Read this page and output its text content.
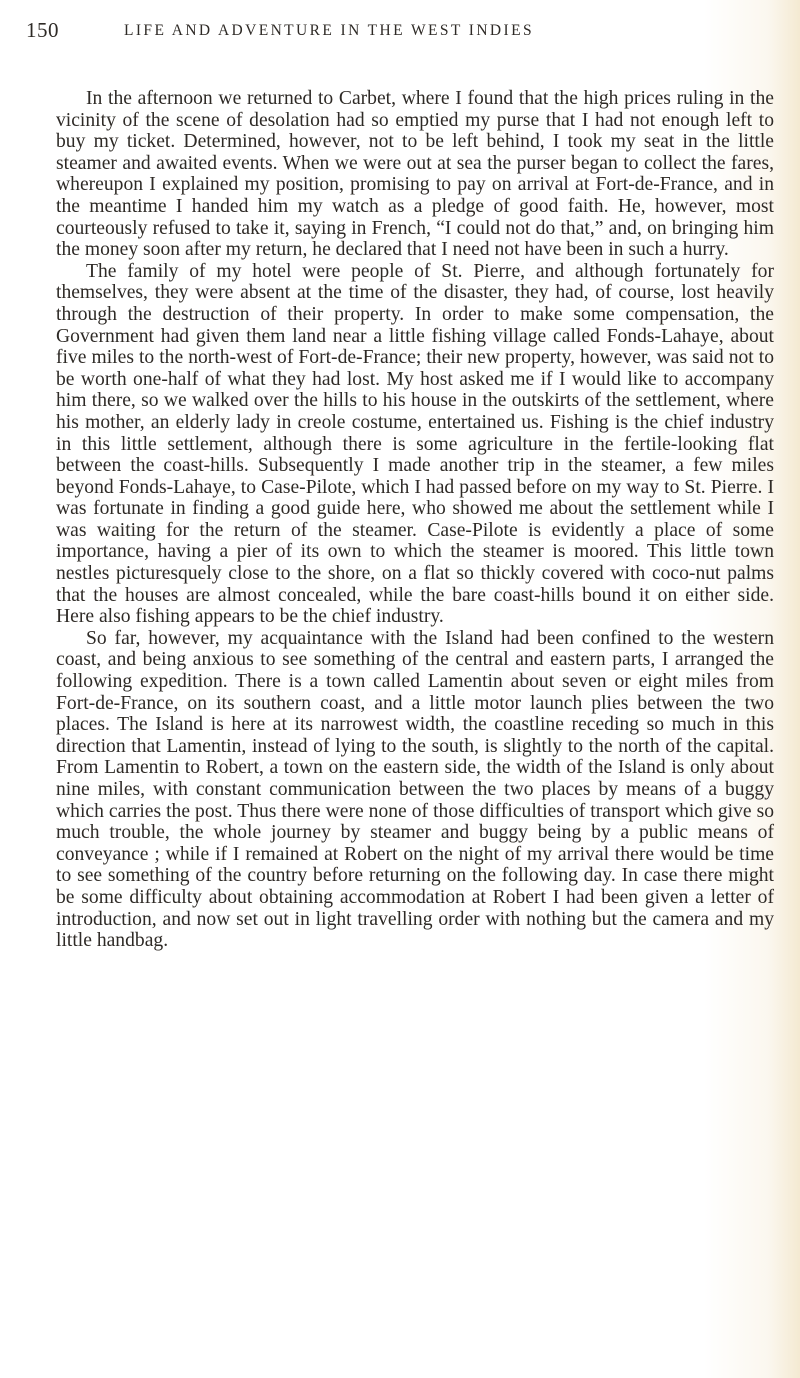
150	LIFE AND ADVENTURE IN THE WEST INDIES

In the afternoon we returned to Carbet, where I found that the high prices ruling in the vicinity of the scene of desolation had so emptied my purse that I had not enough left to buy my ticket. Determined, however, not to be left behind, I took my seat in the little steamer and awaited events. When we were out at sea the purser began to collect the fares, whereupon I explained my position, promising to pay on arrival at Fort-de-France, and in the meantime I handed him my watch as a pledge of good faith. He, however, most courteously refused to take it, saying in French, “I could not do that,” and, on bringing him the money soon after my return, he declared that I need not have been in such a hurry.

The family of my hotel were people of St. Pierre, and although fortunately for themselves, they were absent at the time of the disaster, they had, of course, lost heavily through the destruction of their property. In order to make some compensation, the Government had given them land near a little fishing village called Fonds-Lahaye, about five miles to the north-west of Fort-de-France; their new property, however, was said not to be worth one-half of what they had lost. My host asked me if I would like to accompany him there, so we walked over the hills to his house in the outskirts of the settlement, where his mother, an elderly lady in creole costume, entertained us. Fishing is the chief industry in this little settlement, although there is some agriculture in the fertile-looking flat between the coast-hills. Subsequently I made another trip in the steamer, a few miles beyond Fonds-Lahaye, to Case-Pilote, which I had passed before on my way to St. Pierre. I was fortunate in finding a good guide here, who showed me about the settlement while I was waiting for the return of the steamer. Case-Pilote is evidently a place of some importance, having a pier of its own to which the steamer is moored. This little town nestles picturesquely close to the shore, on a flat so thickly covered with coco-nut palms that the houses are almost concealed, while the bare coast-hills bound it on either side. Here also fishing appears to be the chief industry.

So far, however, my acquaintance with the Island had been confined to the western coast, and being anxious to see something of the central and eastern parts, I arranged the following expedition. There is a town called Lamentin about seven or eight miles from Fort-de-France, on its southern coast, and a little motor launch plies between the two places. The Island is here at its narrowest width, the coastline receding so much in this direction that Lamentin, instead of lying to the south, is slightly to the north of the capital. From Lamentin to Robert, a town on the eastern side, the width of the Island is only about nine miles, with constant communication between the two places by means of a buggy which carries the post. Thus there were none of those difficulties of transport which give so much trouble, the whole journey by steamer and buggy being by a public means of conveyance ; while if I remained at Robert on the night of my arrival there would be time to see something of the country before returning on the following day. In case there might be some difficulty about obtaining accommodation at Robert I had been given a letter of introduction, and now set out in light travelling order with nothing but the camera and my little handbag.
